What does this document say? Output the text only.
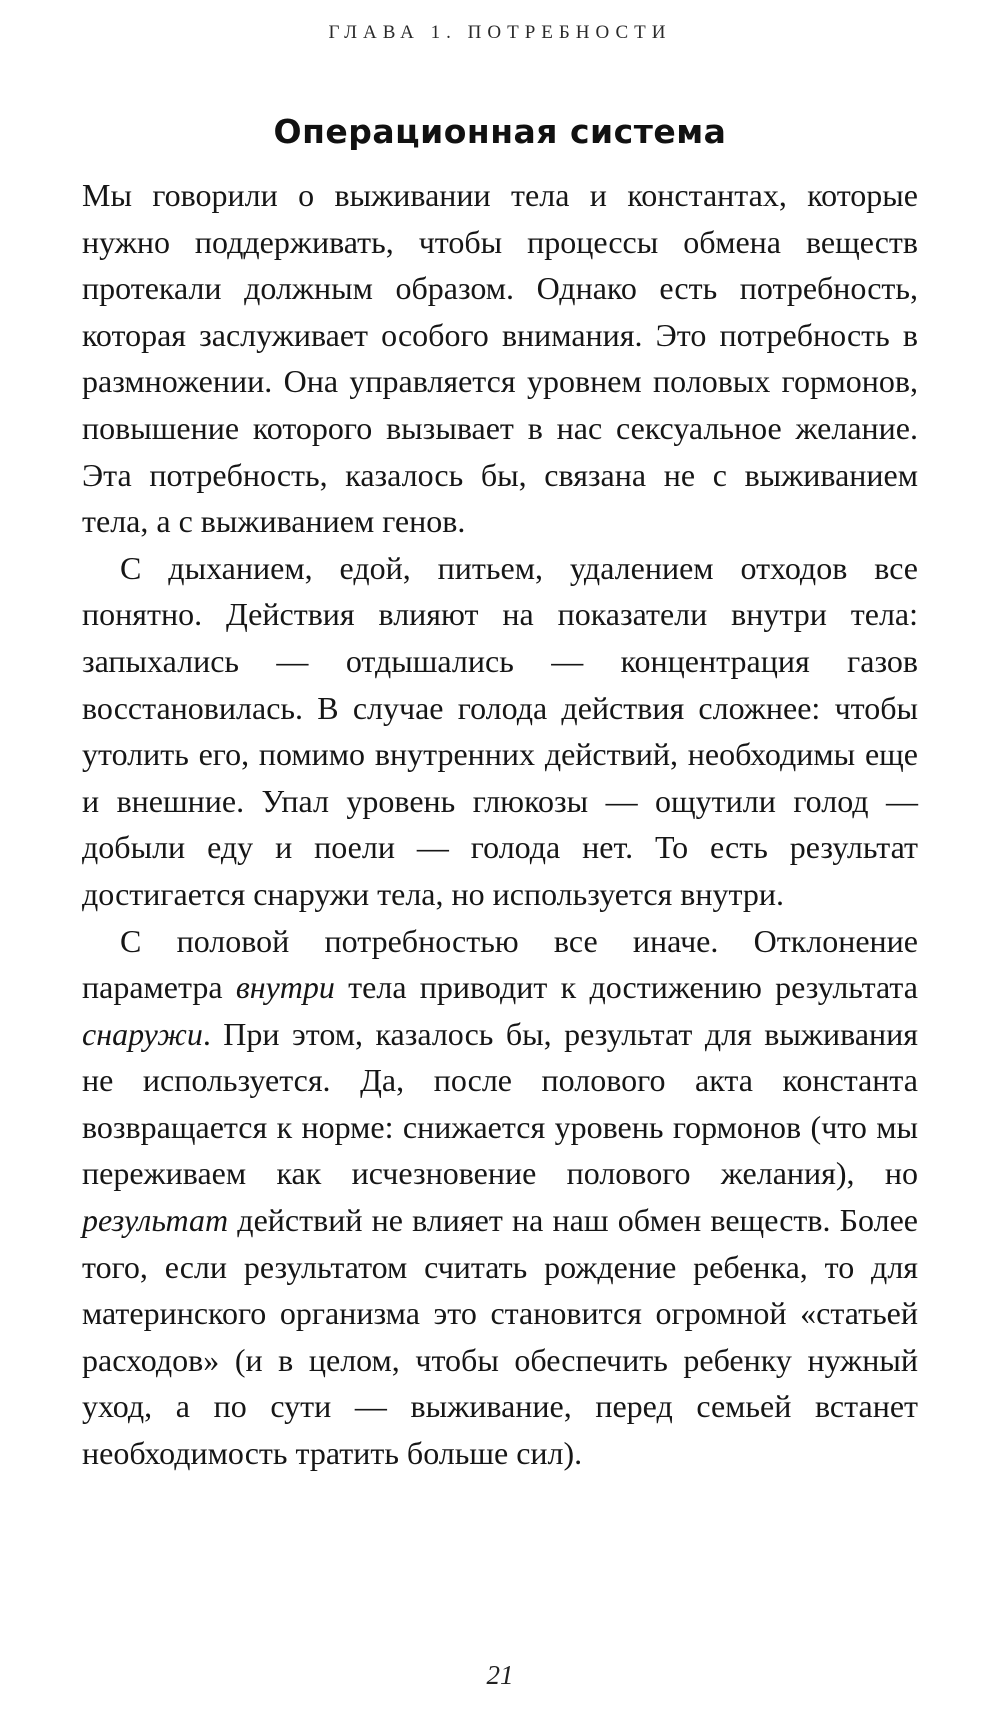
ГЛАВА 1. ПОТРЕБНОСТИ
Операционная система

Мы говорили о выживании тела и константах, которые нужно поддерживать, чтобы процессы обмена веществ протекали должным образом. Однако есть потребность, которая заслуживает особого внимания. Это потребность в размножении. Она управляется уровнем половых гормонов, повышение которого вызывает в нас сексуальное желание. Эта потребность, казалось бы, связана не с выживанием тела, а с выживанием генов.

С дыханием, едой, питьем, удалением отходов все понятно. Действия влияют на показатели внутри тела: запыхались — отдышались — концентрация газов восстановилась. В случае голода действия сложнее: чтобы утолить его, помимо внутренних действий, необходимы еще и внешние. Упал уровень глюкозы — ощутили голод — добыли еду и поели — голода нет. То есть результат достигается снаружи тела, но используется внутри.

С половой потребностью все иначе. Отклонение параметра внутри тела приводит к достижению результата снаружи. При этом, казалось бы, результат для выживания не используется. Да, после полового акта константа возвращается к норме: снижается уровень гормонов (что мы переживаем как исчезновение полового желания), но результат действий не влияет на наш обмен веществ. Более того, если результатом считать рождение ребенка, то для материнского организма это становится огромной «статьей расходов» (и в целом, чтобы обеспечить ребенку нужный уход, а по сути — выживание, перед семьей встанет необходимость тратить больше сил).

21
